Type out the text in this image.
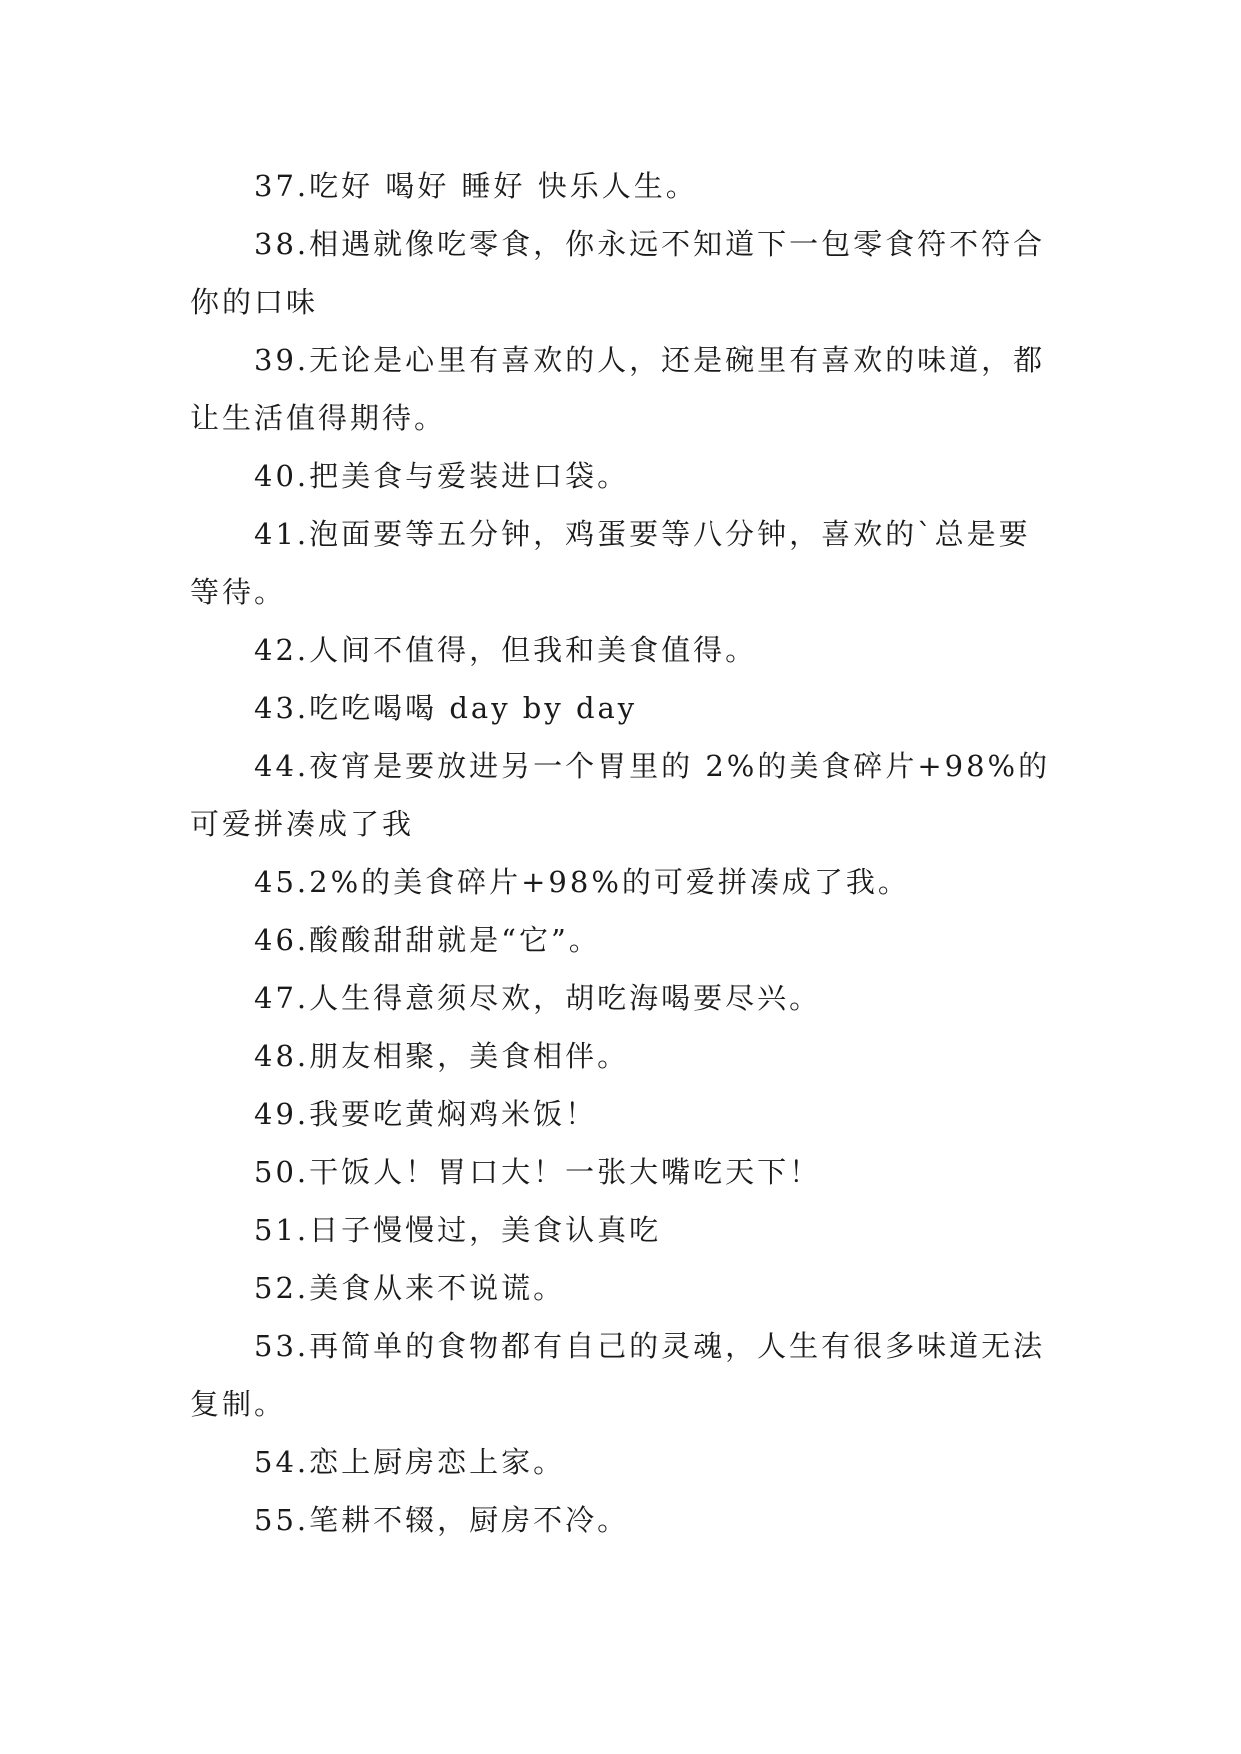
37.吃好 喝好 睡好 快乐人生。

38.相遇就像吃零食，你永远不知道下一包零食符不符合你的口味

39.无论是心里有喜欢的人，还是碗里有喜欢的味道，都让生活值得期待。

40.把美食与爱装进口袋。

41.泡面要等五分钟，鸡蛋要等八分钟，喜欢的`总是要等待。

42.人间不值得，但我和美食值得。

43.吃吃喝喝 day by day

44.夜宵是要放进另一个胃里的 2%的美食碎片+98%的可爱拼凑成了我

45.2%的美食碎片+98%的可爱拼凑成了我。

46.酸酸甜甜就是“它”。

47.人生得意须尽欢，胡吃海喝要尽兴。

48.朋友相聚，美食相伴。

49.我要吃黄焖鸡米饭！

50.干饭人！胃口大！一张大嘴吃天下！

51.日子慢慢过，美食认真吃

52.美食从来不说谎。

53.再简单的食物都有自己的灵魂，人生有很多味道无法复制。

54.恋上厨房恋上家。

55.笔耕不辍，厨房不冷。
